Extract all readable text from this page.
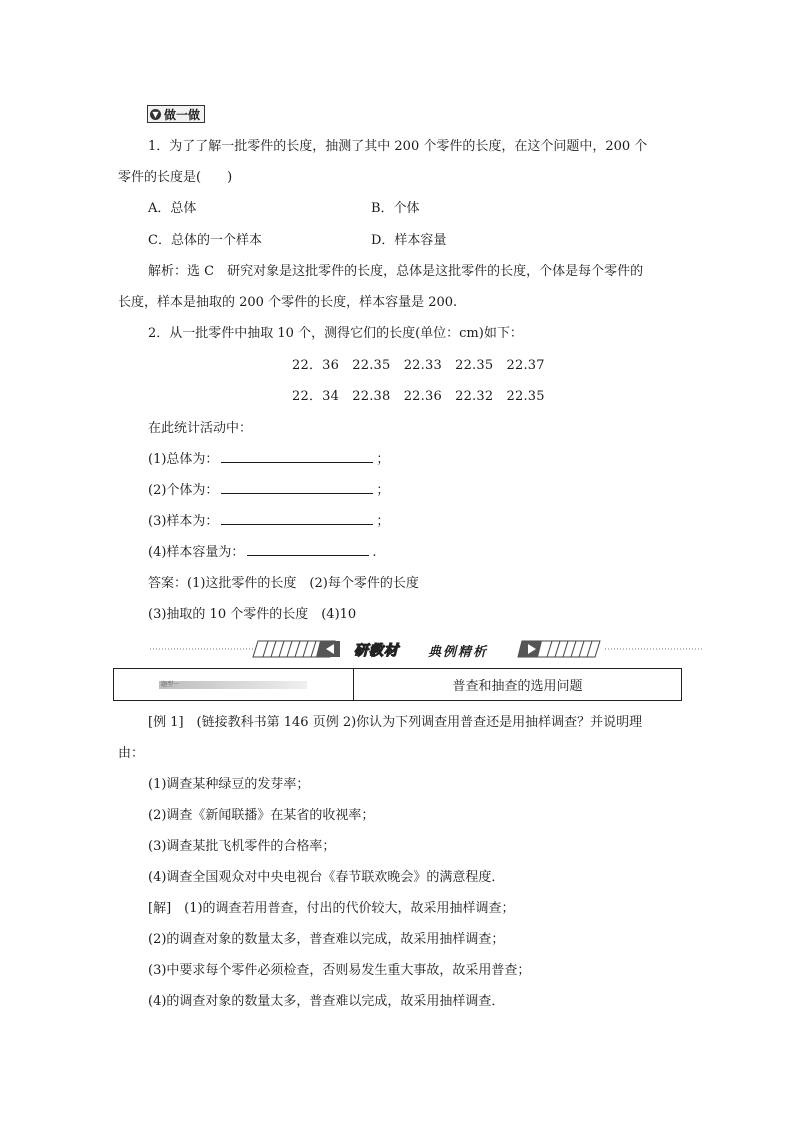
▼ 做一做
1．为了了解一批零件的长度，抽测了其中 200 个零件的长度，在这个问题中，200 个
零件的长度是(　　)
A．总体	B．个体
C．总体的一个样本	D．样本容量
解析：选 C　研究对象是这批零件的长度，总体是这批零件的长度，个体是每个零件的
长度，样本是抽取的 200 个零件的长度，样本容量是 200.
2．从一批零件中抽取 10 个，测得它们的长度(单位：cm)如下：
22．36　22.35　22.33　22.35　22.37
22．34　22.38　22.36　22.32　22.35
在此统计活动中：
(1)总体为：	；
(2)个体为：	；
(3)样本为：	；
(4)样本容量为：	.
答案：(1)这批零件的长度　(2)每个零件的长度
(3)抽取的 10 个零件的长度　(4)10
研教材 典例精析
题型一	普查和抽查的选用问题
[例 1]　(链接教科书第 146 页例 2)你认为下列调查用普查还是用抽样调查？并说明理
由：
(1)调查某种绿豆的发芽率；
(2)调查《新闻联播》在某省的收视率；
(3)调查某批飞机零件的合格率；
(4)调查全国观众对中央电视台《春节联欢晚会》的满意程度．
[解]　(1)的调查若用普查，付出的代价较大，故采用抽样调查；
(2)的调查对象的数量太多，普查难以完成，故采用抽样调查；
(3)中要求每个零件必须检查，否则易发生重大事故，故采用普查；
(4)的调查对象的数量太多，普查难以完成，故采用抽样调查．
